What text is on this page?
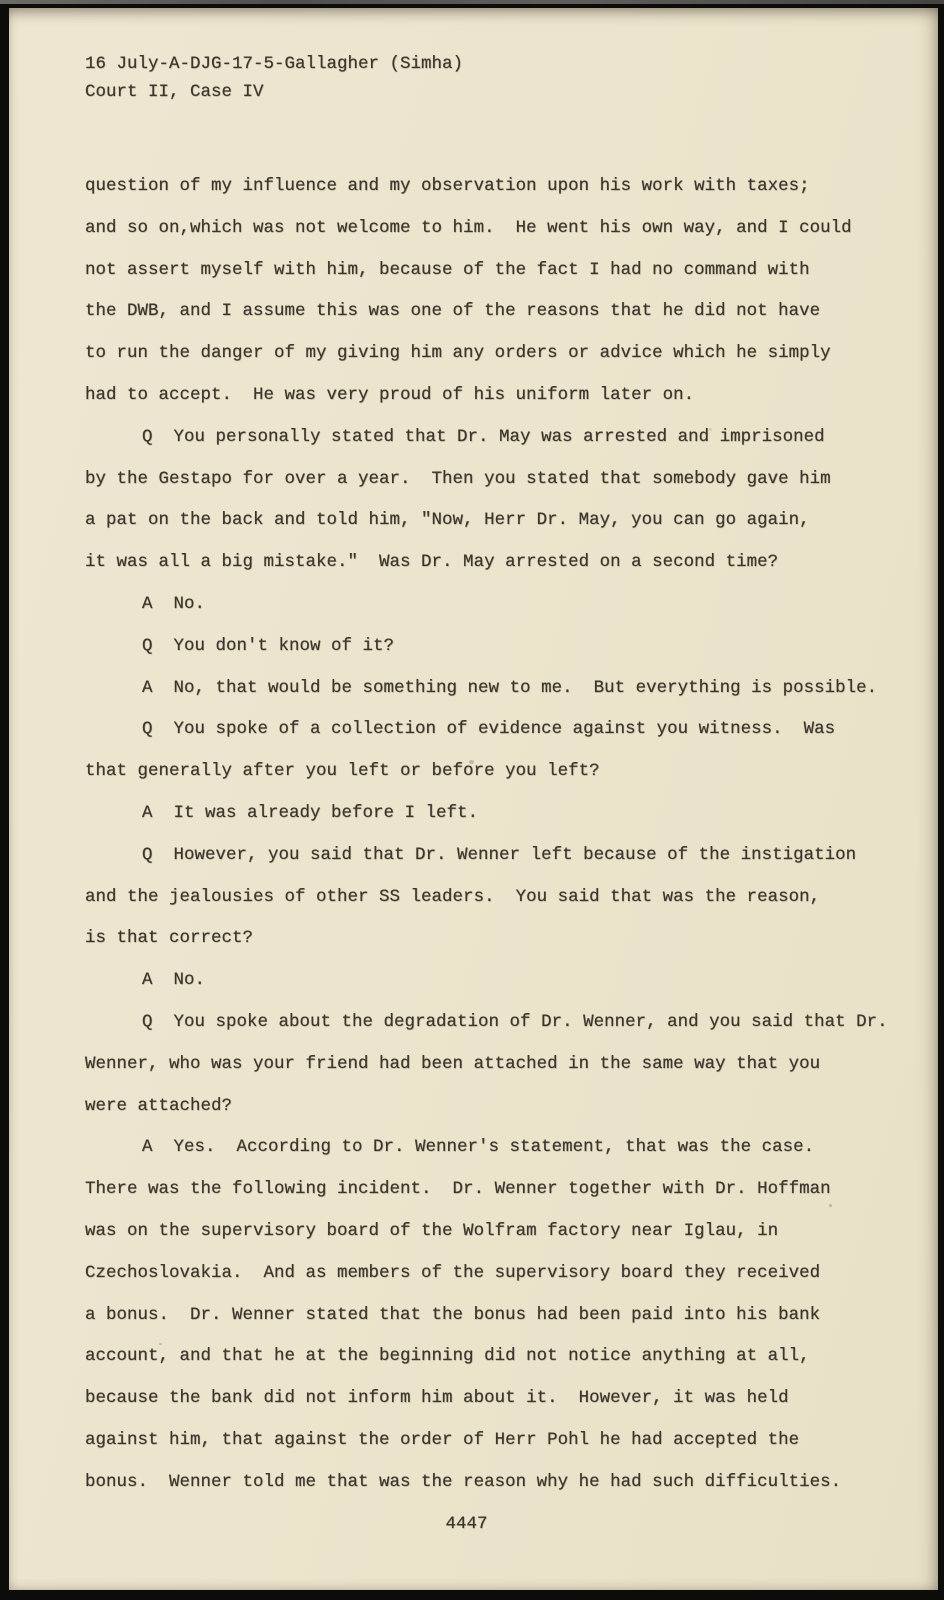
16 July-A-DJG-17-5-Gallagher (Simha)
Court II, Case IV
question of my influence and my observation upon his work with taxes;
and so on,which was not welcome to him.  He went his own way, and I could
not assert myself with him, because of the fact I had no command with
the DWB, and I assume this was one of the reasons that he did not have
to run the danger of my giving him any orders or advice which he simply
had to accept.  He was very proud of his uniform later on.
Q  You personally stated that Dr. May was arrested and imprisoned
by the Gestapo for over a year.  Then you stated that somebody gave him
a pat on the back and told him, "Now, Herr Dr. May, you can go again,
it was all a big mistake."  Was Dr. May arrested on a second time?
A  No.
Q  You don't know of it?
A  No, that would be something new to me.  But everything is possible.
Q  You spoke of a collection of evidence against you witness.  Was
that generally after you left or before you left?
A  It was already before I left.
Q  However, you said that Dr. Wenner left because of the instigation
and the jealousies of other SS leaders.  You said that was the reason,
is that correct?
A  No.
Q  You spoke about the degradation of Dr. Wenner, and you said that Dr.
Wenner, who was your friend had been attached in the same way that you
were attached?
A  Yes.  According to Dr. Wenner's statement, that was the case.
There was the following incident.  Dr. Wenner together with Dr. Hoffman
was on the supervisory board of the Wolfram factory near Iglau, in
Czechoslovakia.  And as members of the supervisory board they received
a bonus.  Dr. Wenner stated that the bonus had been paid into his bank
account, and that he at the beginning did not notice anything at all,
because the bank did not inform him about it.  However, it was held
against him, that against the order of Herr Pohl he had accepted the
bonus.  Wenner told me that was the reason why he had such difficulties.
4447
